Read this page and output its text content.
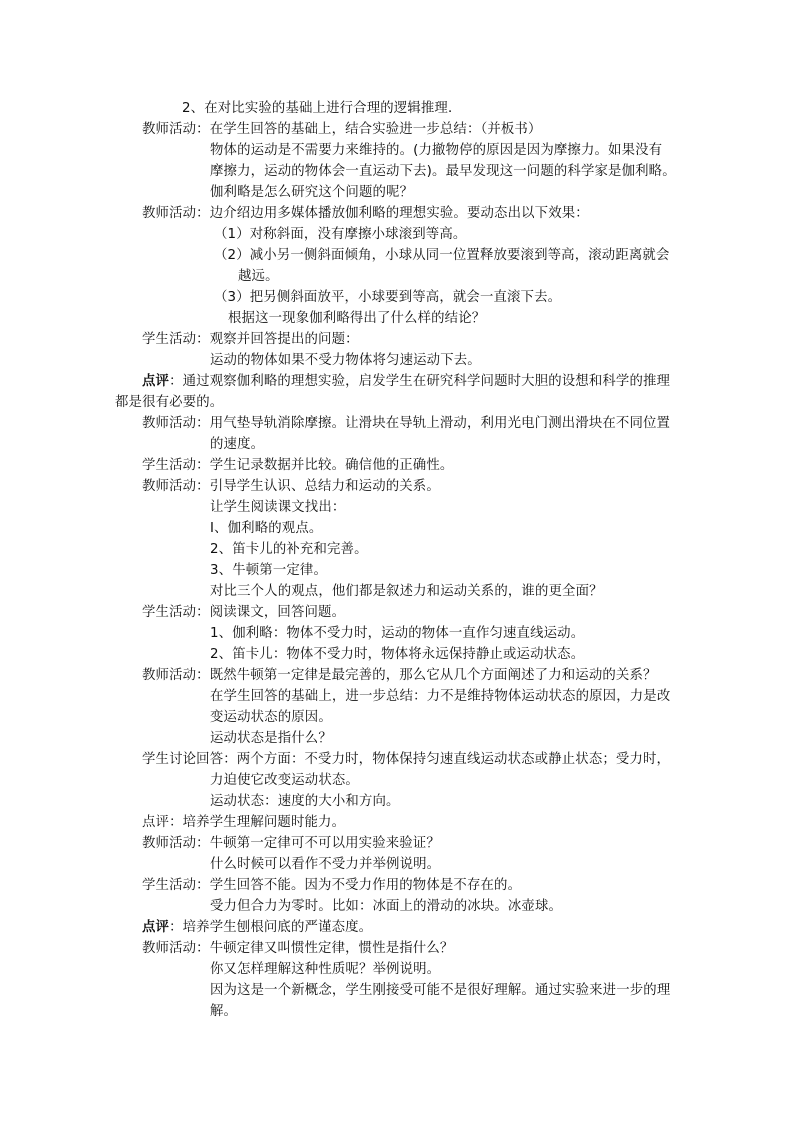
2、在对比实验的基础上进行合理的逻辑推理．
教师活动：在学生回答的基础上，结合实验进一步总结：（并板书）
物体的运动是不需要力来维持的。(力撤物停的原因是因为摩擦力。如果没有
摩擦力，运动的物体会一直运动下去)。最早发现这一问题的科学家是伽利略。
伽利略是怎么研究这个问题的呢？
教师活动：边介绍边用多媒体播放伽利略的理想实验。要动态出以下效果：
（1）对称斜面，没有摩擦小球滚到等高。
（2）减小另一侧斜面倾角，小球从同一位置释放要滚到等高，滚动距离就会
越远。
（3）把另侧斜面放平，小球要到等高，就会一直滚下去。
根据这一现象伽利略得出了什么样的结论？
学生活动：观察并回答提出的问题：
运动的物体如果不受力物体将匀速运动下去。
点评：通过观察伽利略的理想实验，启发学生在研究科学问题时大胆的设想和科学的推理
都是很有必要的。
教师活动：用气垫导轨消除摩擦。让滑块在导轨上滑动，利用光电门测出滑块在不同位置
的速度。
学生活动：学生记录数据并比较。确信他的正确性。
教师活动：引导学生认识、总结力和运动的关系。
让学生阅读课文找出：
Ⅰ、伽利略的观点。
2、笛卡儿的补充和完善。
3、牛顿第一定律。
对比三个人的观点，他们都是叙述力和运动关系的，谁的更全面？
学生活动：阅读课文，回答问题。
1、伽利略：物体不受力时，运动的物体一直作匀速直线运动。
2、笛卡儿：物体不受力时，物体将永远保持静止或运动状态。
教师活动：既然牛顿第一定律是最完善的，那么它从几个方面阐述了力和运动的关系？
在学生回答的基础上，进一步总结：力不是维持物体运动状态的原因，力是改
变运动状态的原因。
运动状态是指什么？
学生讨论回答：两个方面：不受力时，物体保持匀速直线运动状态或静止状态；受力时，
力迫使它改变运动状态。
运动状态：速度的大小和方向。
点评：培养学生理解问题时能力。
教师活动：牛顿第一定律可不可以用实验来验证？
什么时候可以看作不受力并举例说明。
学生活动：学生回答不能。因为不受力作用的物体是不存在的。
受力但合力为零时。比如：冰面上的滑动的冰块。冰壶球。
点评：培养学生刨根问底的严谨态度。
教师活动：牛顿定律又叫惯性定律，惯性是指什么？
你又怎样理解这种性质呢？举例说明。
因为这是一个新概念，学生刚接受可能不是很好理解。通过实验来进一步的理
解。
